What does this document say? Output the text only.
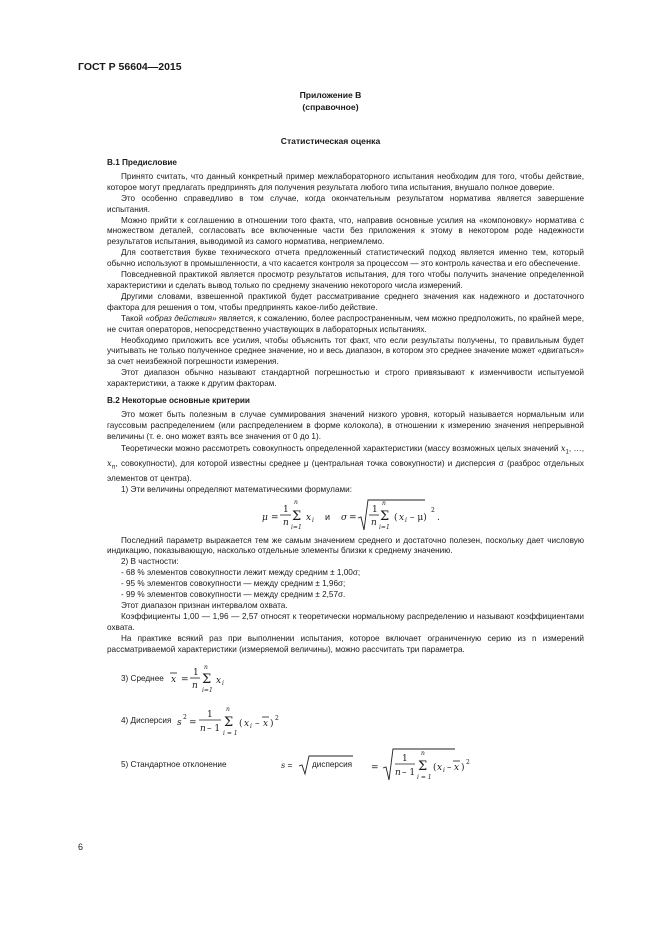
ГОСТ Р 56604—2015
Приложение В
(справочное)
Статистическая оценка

В.1 Предисловие

Принято считать, что данный конкретный пример межлабораторного испытания необходим для того, чтобы действие, которое могут предлагать предпринять для получения результата любого типа испытания, внушало полное доверие.

Это особенно справедливо в том случае, когда окончательным результатом норматива является завершение испытания.

Можно прийти к соглашению в отношении того факта, что, направив основные усилия на «компоновку» норматива с множеством деталей, согласовать все включенные части без приложения к этому в некотором роде надежности результатов испытания, выводимой из самого норматива, неприемлемо.

Для соответствия букве технического отчета предложенный статистический подход является именно тем, который обычно используют в промышленности, а что касается контроля за процессом — это контроль качества и его обеспечение.

Повседневной практикой является просмотр результатов испытания, для того чтобы получить значение определенной характеристики и сделать вывод только по среднему значению некоторого числа измерений.

Другими словами, взвешенной практикой будет рассматривание среднего значения как надежного и достаточного фактора для решения о том, чтобы предпринять какое-либо действие.

Такой «образ действия» является, к сожалению, более распространенным, чем можно предположить, по крайней мере, не считая операторов, непосредственно участвующих в лабораторных испытаниях.

Необходимо приложить все усилия, чтобы объяснить тот факт, что если результаты получены, то правильным будет учитывать не только полученное среднее значение, но и весь диапазон, в котором это среднее значение может «двигаться» за счет неизбежной погрешности измерения.

Этот диапазон обычно называют стандартной погрешностью и строго привязывают к изменчивости испытуемой характеристики, а также к другим факторам.

В.2 Некоторые основные критерии

Это может быть полезным в случае суммирования значений низкого уровня, который называется нормальным или гауссовым распределением (или распределением в форме колокола), в отношении к измерению значения непрерывной величины (т. е. оно может взять все значения от 0 до 1).

Теоретически можно рассмотреть совокупность определенной характеристики (массу возможных целых значений $x_1$, …, $x_n$, совокупности), для которой известны среднее μ (центральная точка совокупности) и дисперсия σ (разброс отдельных элементов от центра).

1) Эти величины определяют математическими формулами:

μ =
1
n
n
Σ
i=1
x i и σ =
1
n
n
Σ
i=1
( x i – μ)
2
.

Последний параметр выражается тем же самым значением среднего и достаточно полезен, поскольку дает числовую индикацию, показывающую, насколько отдельные элементы близки к среднему значению.

2) В частности:

- 68 % элементов совокупности лежит между средним ± 1,00σ;

- 95 % элементов совокупности — между средним ± 1,96σ;

- 99 % элементов совокупности — между средним ± 2,57σ.

Этот диапазон признан интервалом охвата.

Коэффициенты 1,00 — 1,96 — 2,57 относят к теоретически нормальному распределению и называют коэффициентами охвата.

На практике всякий раз при выполнении испытания, которое включает ограниченную серию из n измерений рассматриваемой характеристики (измеряемой величины), можно рассчитать три параметра.

3) Среднее x =
1
n
n
Σ
i=1
x i
4) Дисперсия s
2
=
1
n – 1
n
Σ
i = 1
( x i – x )
2
5) Стандартное отклонение	s =	=
1
n – 1
n
Σ
i = 1
( x i – x )
2
дисперсия
6
